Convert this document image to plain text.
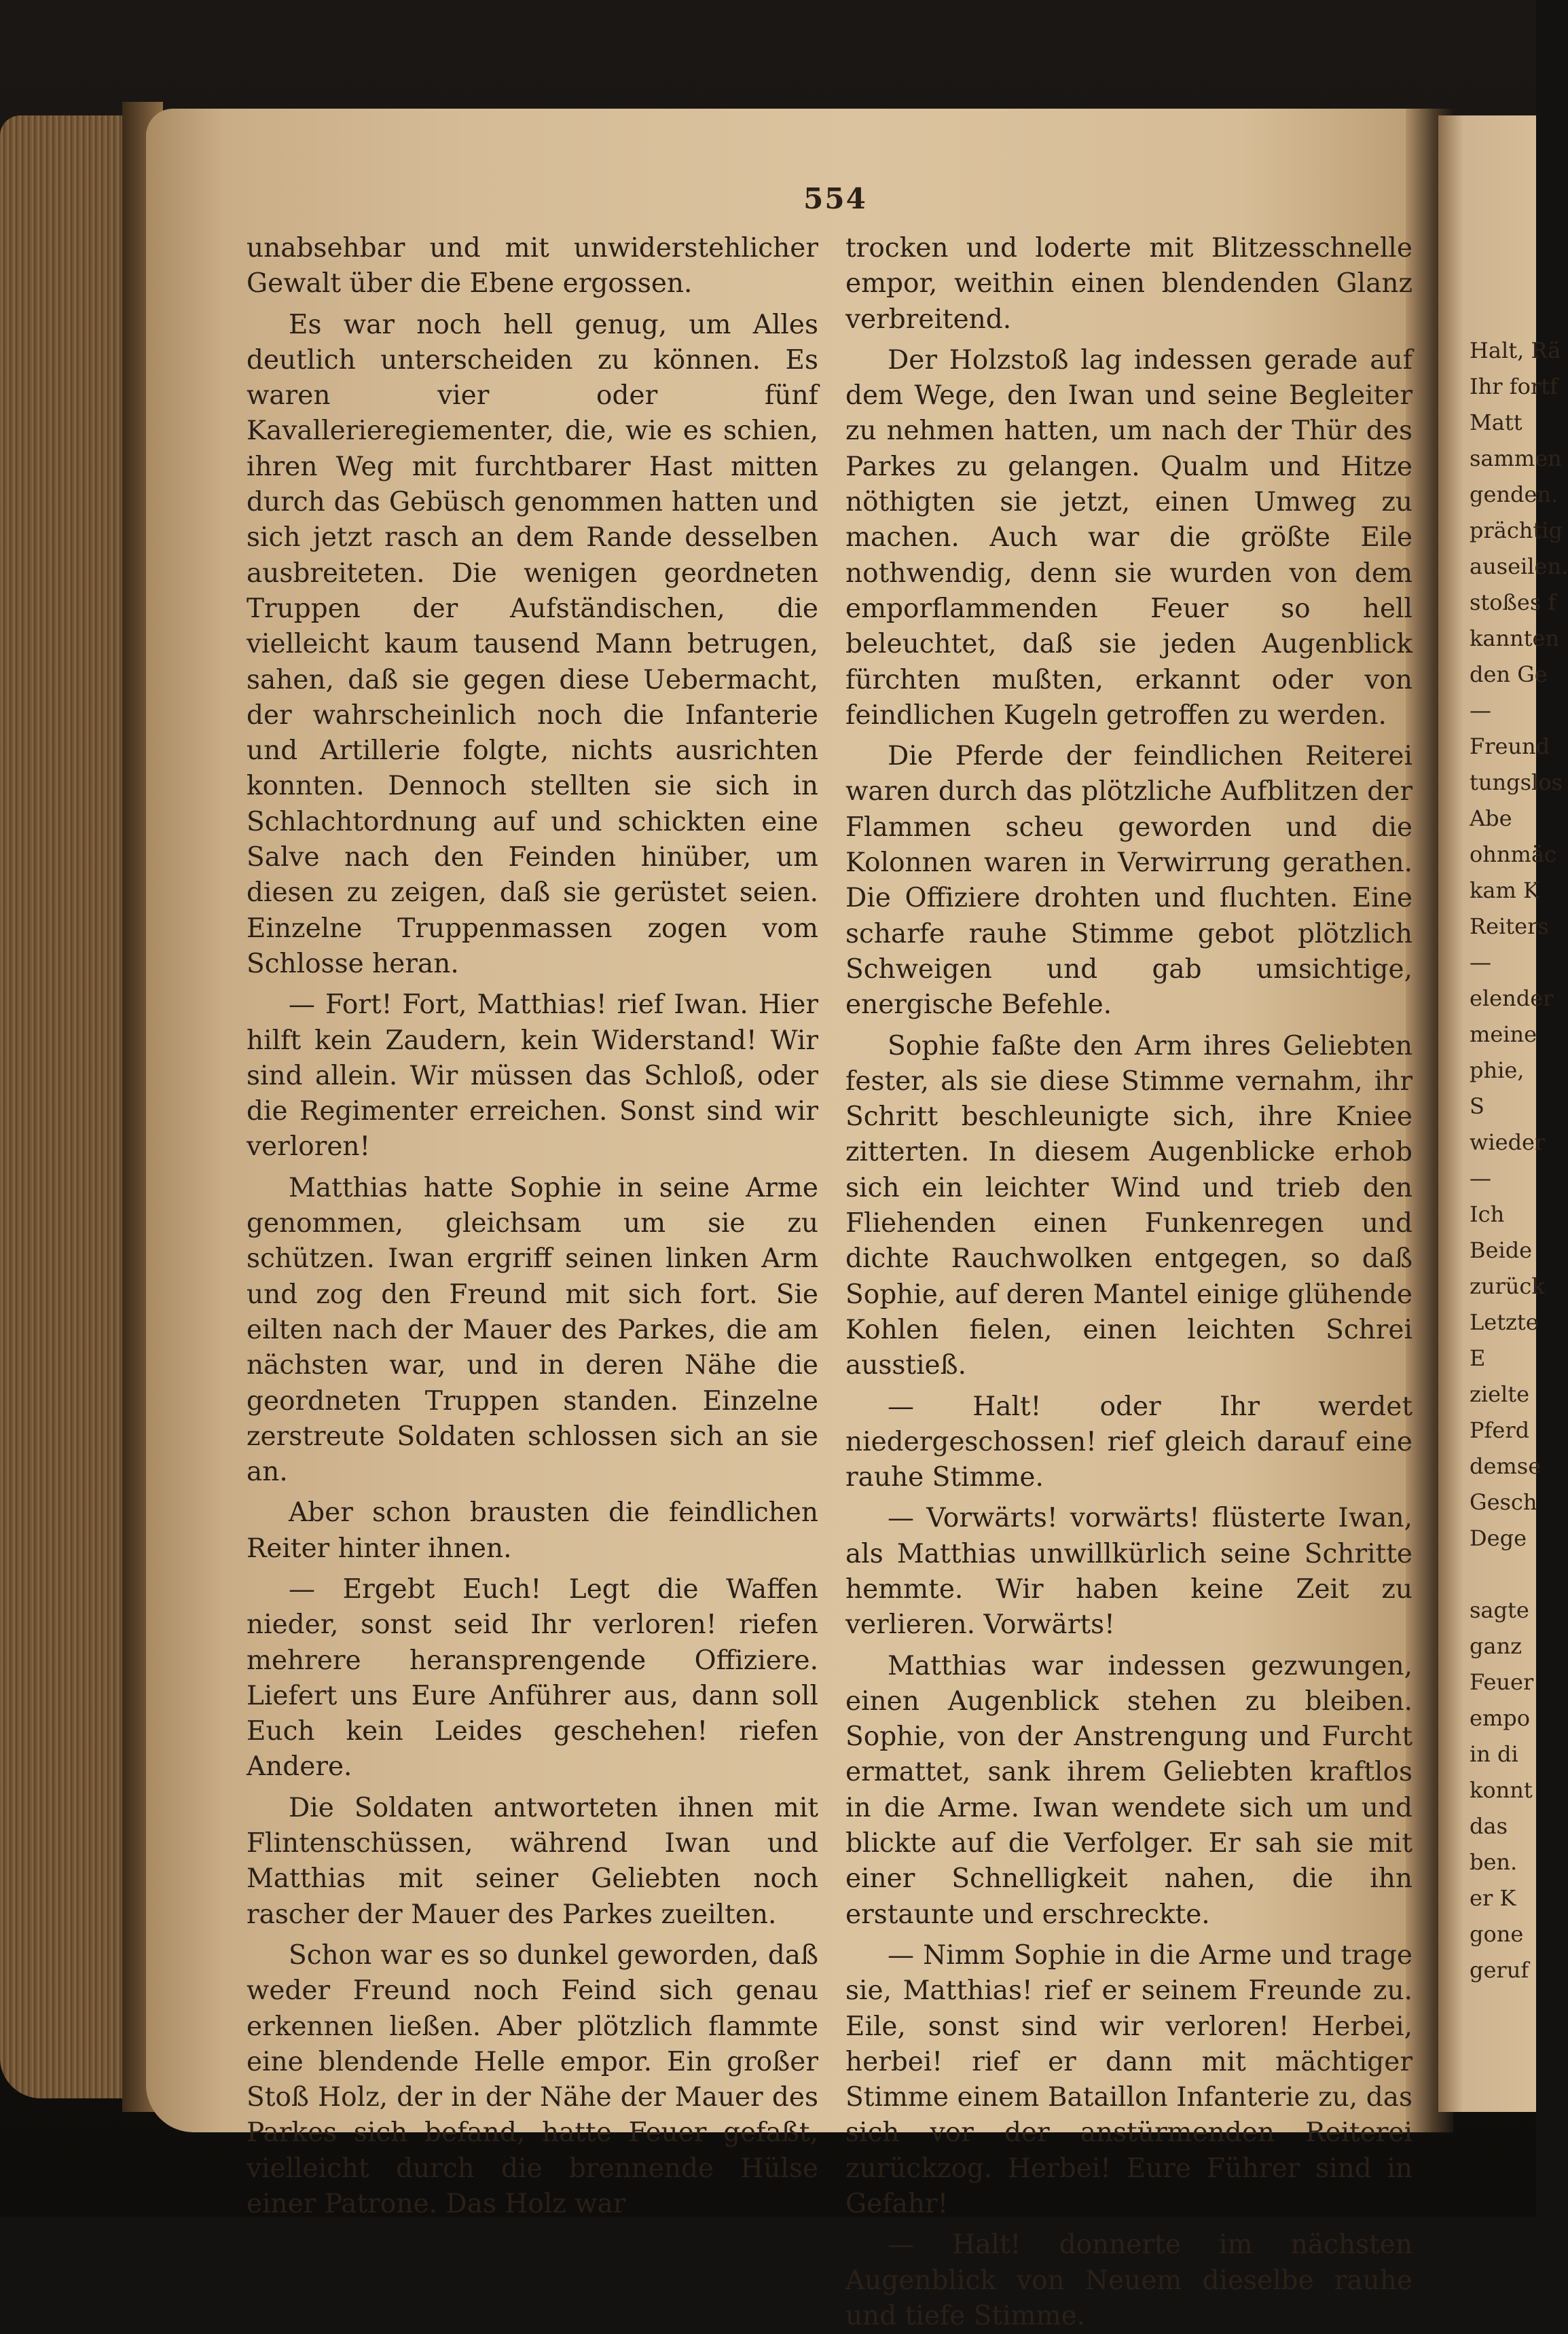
Halt, Rä
Ihr fortf
Matt
sammen
genden.
prächtig
auseilen.
stoßes f
kannten
den Ge
—
Freund
tungslos
Abe
ohnmäc
kam K
Reiters
—
elender
meine
phie,
S
wieder
—
Ich
Beide
zurück
Letzte
E
zielte
Pferd
demse
Gesch
Dege
sagte
ganz
Feuer
empo
in di
konnt
das
ben.
er K
gone
geruf
554

unabsehbar und mit unwiderstehlicher Gewalt über die Ebene ergossen.

Es war noch hell genug, um Alles deutlich unterscheiden zu können. Es waren vier oder fünf Kavallerieregiementer, die, wie es schien, ihren Weg mit furchtbarer Hast mitten durch das Gebüsch genommen hatten und sich jetzt rasch an dem Rande desselben ausbreiteten. Die wenigen geordneten Truppen der Aufständischen, die vielleicht kaum tausend Mann betrugen, sahen, daß sie gegen diese Uebermacht, der wahrscheinlich noch die Infanterie und Artillerie folgte, nichts ausrichten konnten. Dennoch stellten sie sich in Schlachtordnung auf und schickten eine Salve nach den Feinden hinüber, um diesen zu zeigen, daß sie gerüstet seien. Einzelne Truppenmassen zogen vom Schlosse heran.

— Fort! Fort, Matthias! rief Iwan. Hier hilft kein Zaudern, kein Widerstand! Wir sind allein. Wir müssen das Schloß, oder die Regimenter erreichen. Sonst sind wir verloren!

Matthias hatte Sophie in seine Arme genommen, gleichsam um sie zu schützen. Iwan ergriff seinen linken Arm und zog den Freund mit sich fort. Sie eilten nach der Mauer des Parkes, die am nächsten war, und in deren Nähe die geordneten Truppen standen. Einzelne zerstreute Soldaten schlossen sich an sie an.

Aber schon brausten die feindlichen Reiter hinter ihnen.

— Ergebt Euch! Legt die Waffen nieder, sonst seid Ihr verloren! riefen mehrere heransprengende Offiziere. Liefert uns Eure Anführer aus, dann soll Euch kein Leides geschehen! riefen Andere.

Die Soldaten antworteten ihnen mit Flintenschüssen, während Iwan und Matthias mit seiner Geliebten noch rascher der Mauer des Parkes zueilten.

Schon war es so dunkel geworden, daß weder Freund noch Feind sich genau erkennen ließen. Aber plötzlich flammte eine blendende Helle empor. Ein großer Stoß Holz, der in der Nähe der Mauer des Parkes sich befand, hatte Feuer gefaßt, vielleicht durch die brennende Hülse einer Patrone. Das Holz war

trocken und loderte mit Blitzesschnelle empor, weithin einen blendenden Glanz verbreitend.

Der Holzstoß lag indessen gerade auf dem Wege, den Iwan und seine Begleiter zu nehmen hatten, um nach der Thür des Parkes zu gelangen. Qualm und Hitze nöthigten sie jetzt, einen Umweg zu machen. Auch war die größte Eile nothwendig, denn sie wurden von dem emporflammenden Feuer so hell beleuchtet, daß sie jeden Augenblick fürchten mußten, erkannt oder von feindlichen Kugeln getroffen zu werden.

Die Pferde der feindlichen Reiterei waren durch das plötzliche Aufblitzen der Flammen scheu geworden und die Kolonnen waren in Verwirrung gerathen. Die Offiziere drohten und fluchten. Eine scharfe rauhe Stimme gebot plötzlich Schweigen und gab umsichtige, energische Befehle.

Sophie faßte den Arm ihres Geliebten fester, als sie diese Stimme vernahm, ihr Schritt beschleunigte sich, ihre Kniee zitterten. In diesem Augenblicke erhob sich ein leichter Wind und trieb den Fliehenden einen Funkenregen und dichte Rauchwolken entgegen, so daß Sophie, auf deren Mantel einige glühende Kohlen fielen, einen leichten Schrei ausstieß.

— Halt! oder Ihr werdet niedergeschossen! rief gleich darauf eine rauhe Stimme.

— Vorwärts! vorwärts! flüsterte Iwan, als Matthias unwillkürlich seine Schritte hemmte. Wir haben keine Zeit zu verlieren. Vorwärts!

Matthias war indessen gezwungen, einen Augenblick stehen zu bleiben. Sophie, von der Anstrengung und Furcht ermattet, sank ihrem Geliebten kraftlos in die Arme. Iwan wendete sich um und blickte auf die Verfolger. Er sah sie mit einer Schnelligkeit nahen, die ihn erstaunte und erschreckte.

— Nimm Sophie in die Arme und trage sie, Matthias! rief er seinem Freunde zu. Eile, sonst sind wir verloren! Herbei, herbei! rief er dann mit mächtiger Stimme einem Bataillon Infanterie zu, das sich vor der anstürmenden Reiterei zurückzog. Herbei! Eure Führer sind in Gefahr!

— Halt! donnerte im nächsten Augenblick von Neuem dieselbe rauhe und tiefe Stimme.
